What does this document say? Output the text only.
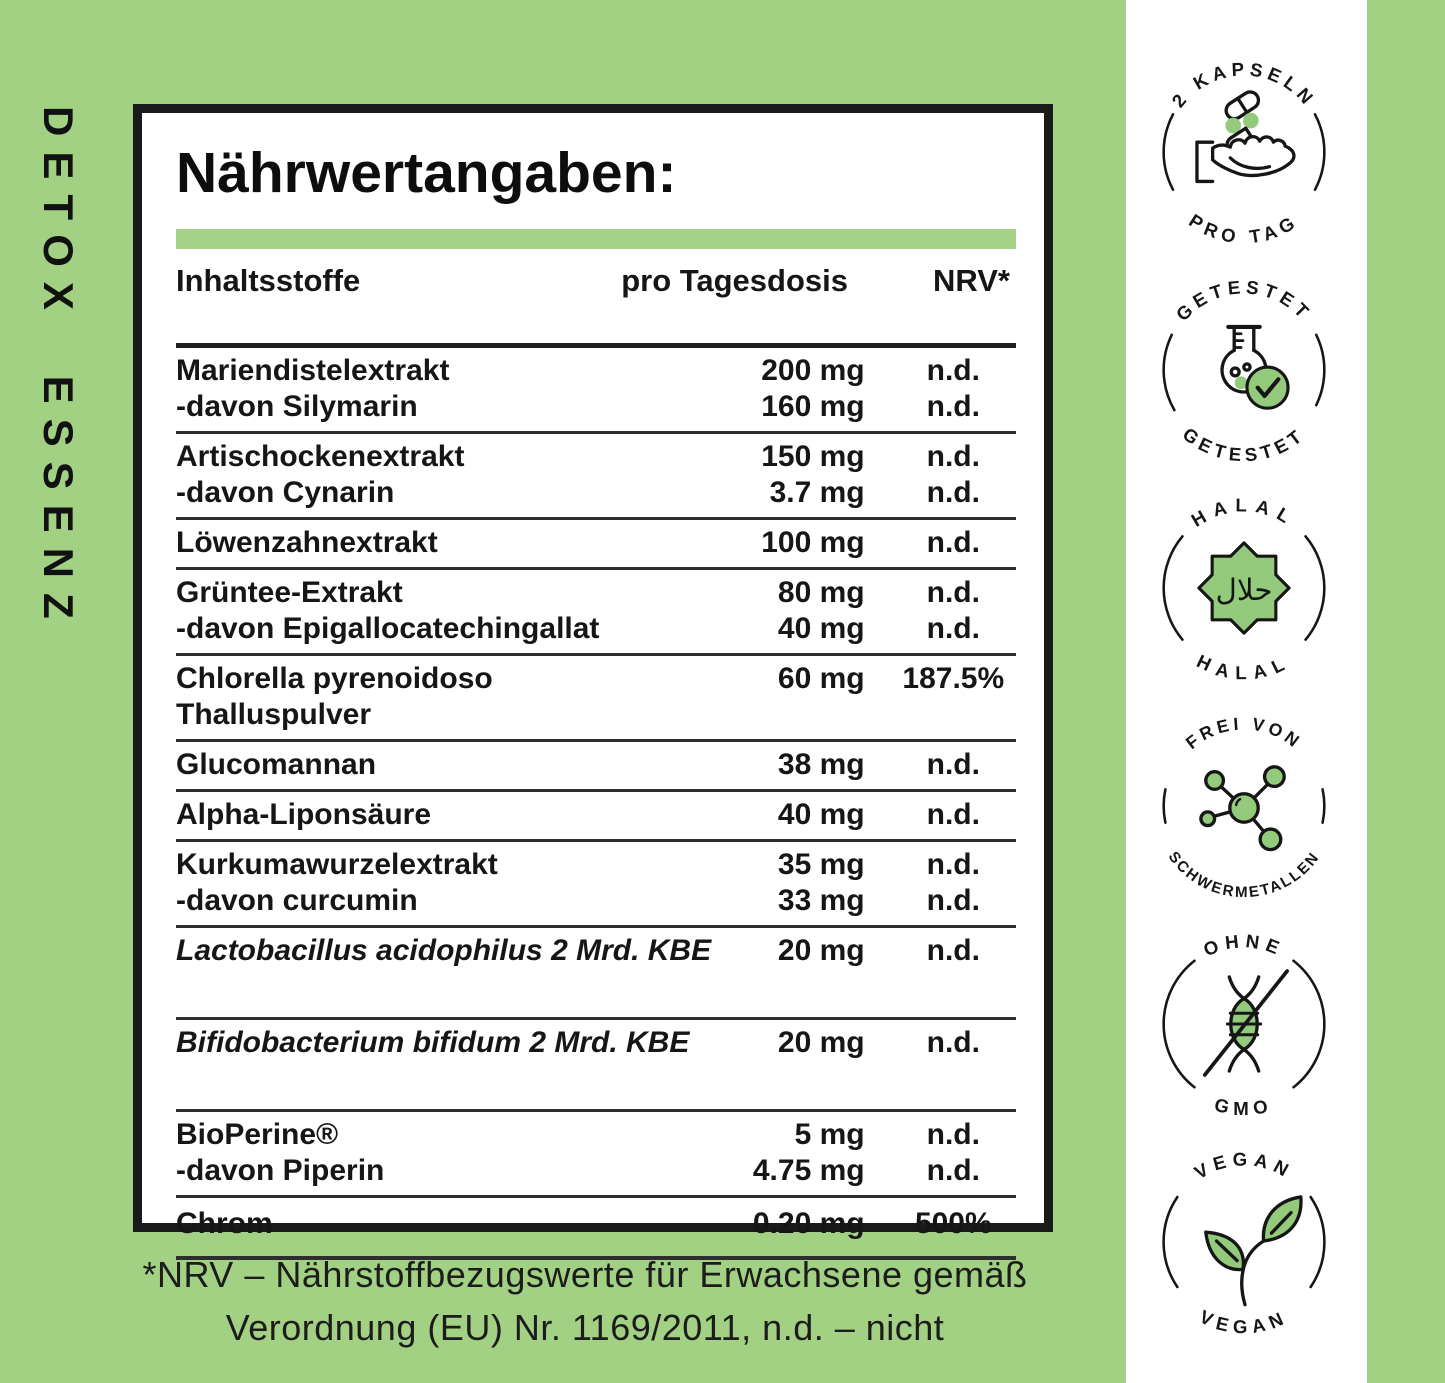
DETOX ESSENZ Nährwertangaben:
Inhaltsstoffe	pro Tagesdosis	NRV*
Mariendistelextrakt	200 mg	n.d.
-davon Silymarin	160 mg	n.d.
Artischockenextrakt	150 mg	n.d.
-davon Cynarin	3.7 mg	n.d.
Löwenzahnextrakt	100 mg	n.d.
Grüntee-Extrakt	80 mg	n.d.
-davon Epigallocatechingallat	40 mg	n.d.
Chlorella pyrenoidoso	60 mg	187.5%
Thalluspulver
Glucomannan	38 mg	n.d.
Alpha-Liponsäure	40 mg	n.d.
Kurkumawurzelextrakt	35 mg	n.d.
-davon curcumin	33 mg	n.d.
Lactobacillus acidophilus 2 Mrd. KBE	20 mg	n.d.
Bifidobacterium bifidum 2 Mrd. KBE	20 mg	n.d.
BioPerine®	5 mg	n.d.
-davon Piperin	4.75 mg	n.d.
Chrom	0.20 mg	500%
*NRV – Nährstoffbezugswerte für Erwachsene gemäß
Verordnung (EU) Nr. 1169/2011, n.d. – nicht
2 KAPSELN
PRO TAG
GETESTET
GETESTET
HALAL
HALAL
حلال
FREI VON
SCHWERMETALLEN
OHNE
GMO
VEGAN
VEGAN
